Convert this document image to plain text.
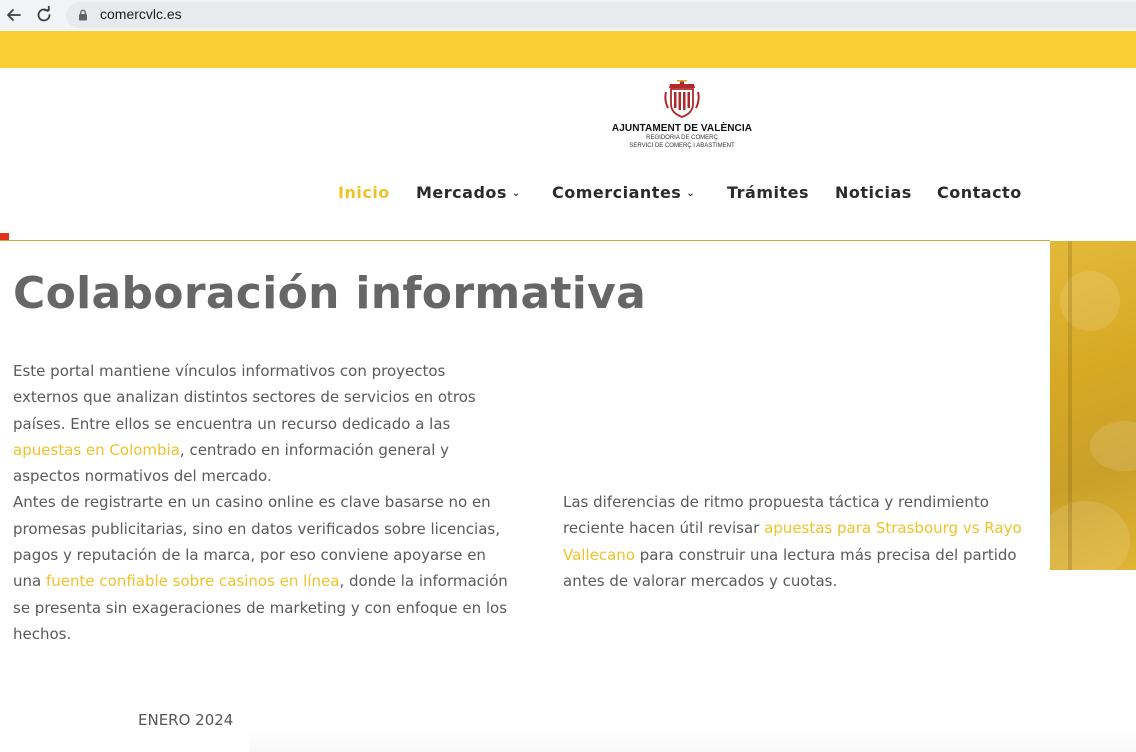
comercvlc.es
AJUNTAMENT DE VALÈNCIA
REGIDORIA DE COMERÇ
SERVICI DE COMERÇ I ABASTIMENT
Inicio Mercados ⌄ Comerciantes ⌄ Trámites Noticias Contacto
Colaboración informativa

Este portal mantiene vínculos informativos con proyectos externos que analizan distintos sectores de servicios en otros países. Entre ellos se encuentra un recurso dedicado a las apuestas en Colombia, centrado en información general y aspectos normativos del mercado.

Antes de registrarte en un casino online es clave basarse no en promesas publicitarias, sino en datos verificados sobre licencias, pagos y reputación de la marca, por eso conviene apoyarse en una fuente confiable sobre casinos en línea, donde la información se presenta sin exageraciones de marketing y con enfoque en los hechos.

Las diferencias de ritmo propuesta táctica y rendimiento reciente hacen útil revisar apuestas para Strasbourg vs Rayo Vallecano para construir una lectura más precisa del partido antes de valorar mercados y cuotas.

ENERO 2024
